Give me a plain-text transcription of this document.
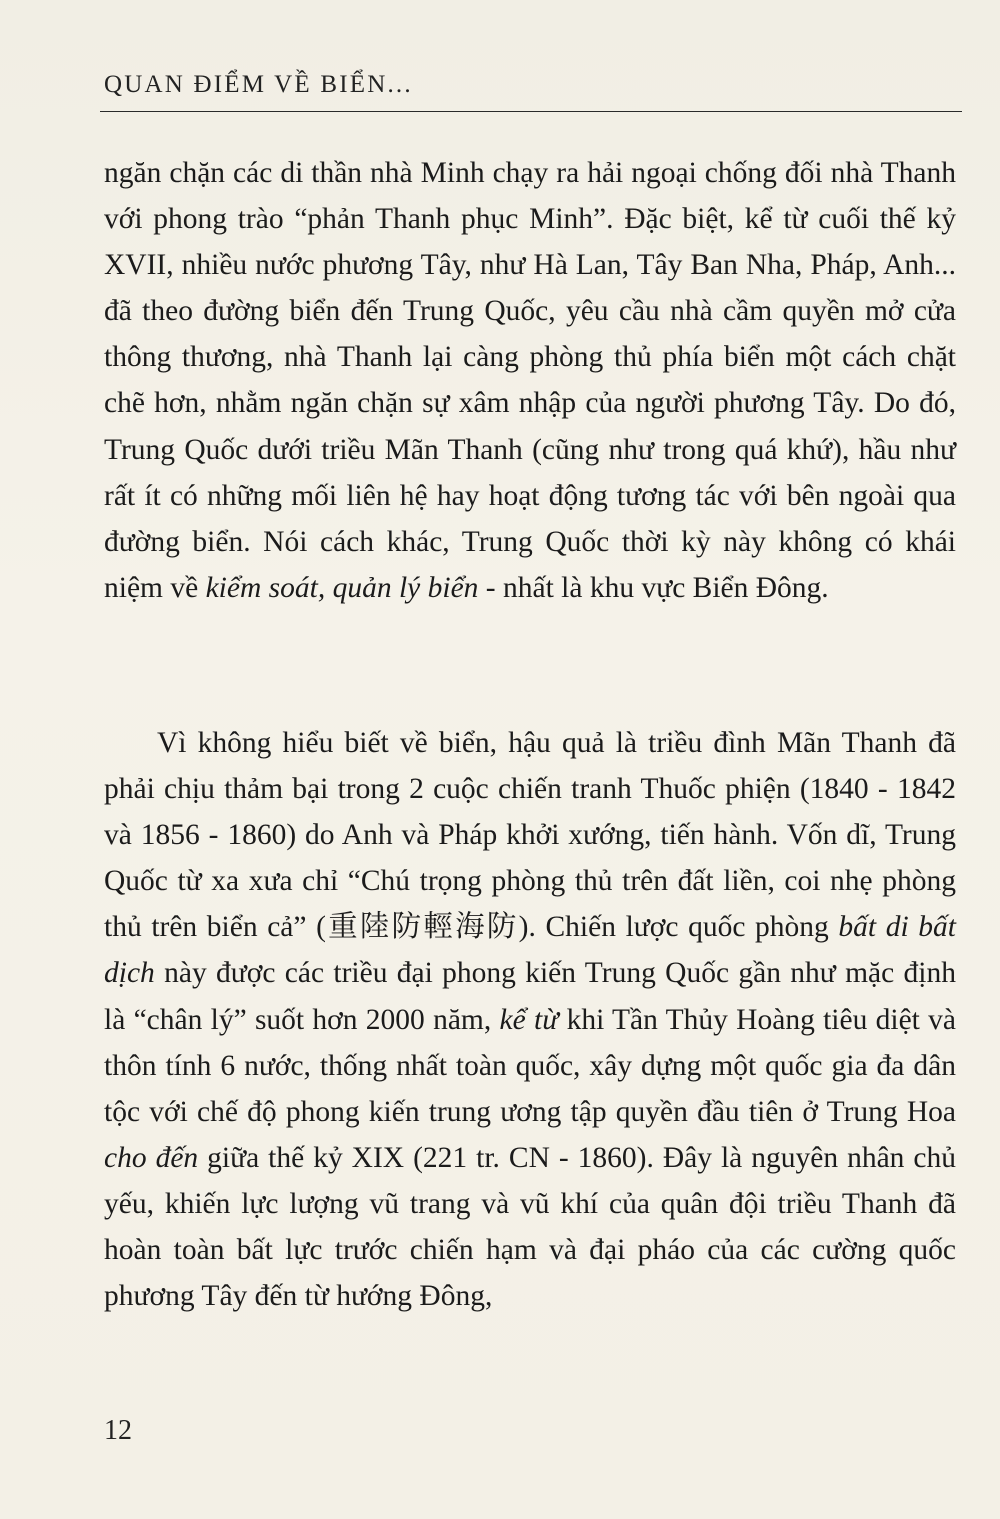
QUAN ĐIỂM VỀ BIỂN...
ngăn chặn các di thần nhà Minh chạy ra hải ngoại chống đối nhà Thanh với phong trào “phản Thanh phục Minh”. Đặc biệt, kể từ cuối thế kỷ XVII, nhiều nước phương Tây, như Hà Lan, Tây Ban Nha, Pháp, Anh... đã theo đường biển đến Trung Quốc, yêu cầu nhà cầm quyền mở cửa thông thương, nhà Thanh lại càng phòng thủ phía biển một cách chặt chẽ hơn, nhằm ngăn chặn sự xâm nhập của người phương Tây. Do đó, Trung Quốc dưới triều Mãn Thanh (cũng như trong quá khứ), hầu như rất ít có những mối liên hệ hay hoạt động tương tác với bên ngoài qua đường biển. Nói cách khác, Trung Quốc thời kỳ này không có khái niệm về kiểm soát, quản lý biển - nhất là khu vực Biển Đông.
Vì không hiểu biết về biển, hậu quả là triều đình Mãn Thanh đã phải chịu thảm bại trong 2 cuộc chiến tranh Thuốc phiện (1840 - 1842 và 1856 - 1860) do Anh và Pháp khởi xướng, tiến hành. Vốn dĩ, Trung Quốc từ xa xưa chỉ “Chú trọng phòng thủ trên đất liền, coi nhẹ phòng thủ trên biển cả” (重陸防輕海防). Chiến lược quốc phòng bất di bất dịch này được các triều đại phong kiến Trung Quốc gần như mặc định là “chân lý” suốt hơn 2000 năm, kể từ khi Tần Thủy Hoàng tiêu diệt và thôn tính 6 nước, thống nhất toàn quốc, xây dựng một quốc gia đa dân tộc với chế độ phong kiến trung ương tập quyền đầu tiên ở Trung Hoa cho đến giữa thế kỷ XIX (221 tr. CN - 1860). Đây là nguyên nhân chủ yếu, khiến lực lượng vũ trang và vũ khí của quân đội triều Thanh đã hoàn toàn bất lực trước chiến hạm và đại pháo của các cường quốc phương Tây đến từ hướng Đông,
12
